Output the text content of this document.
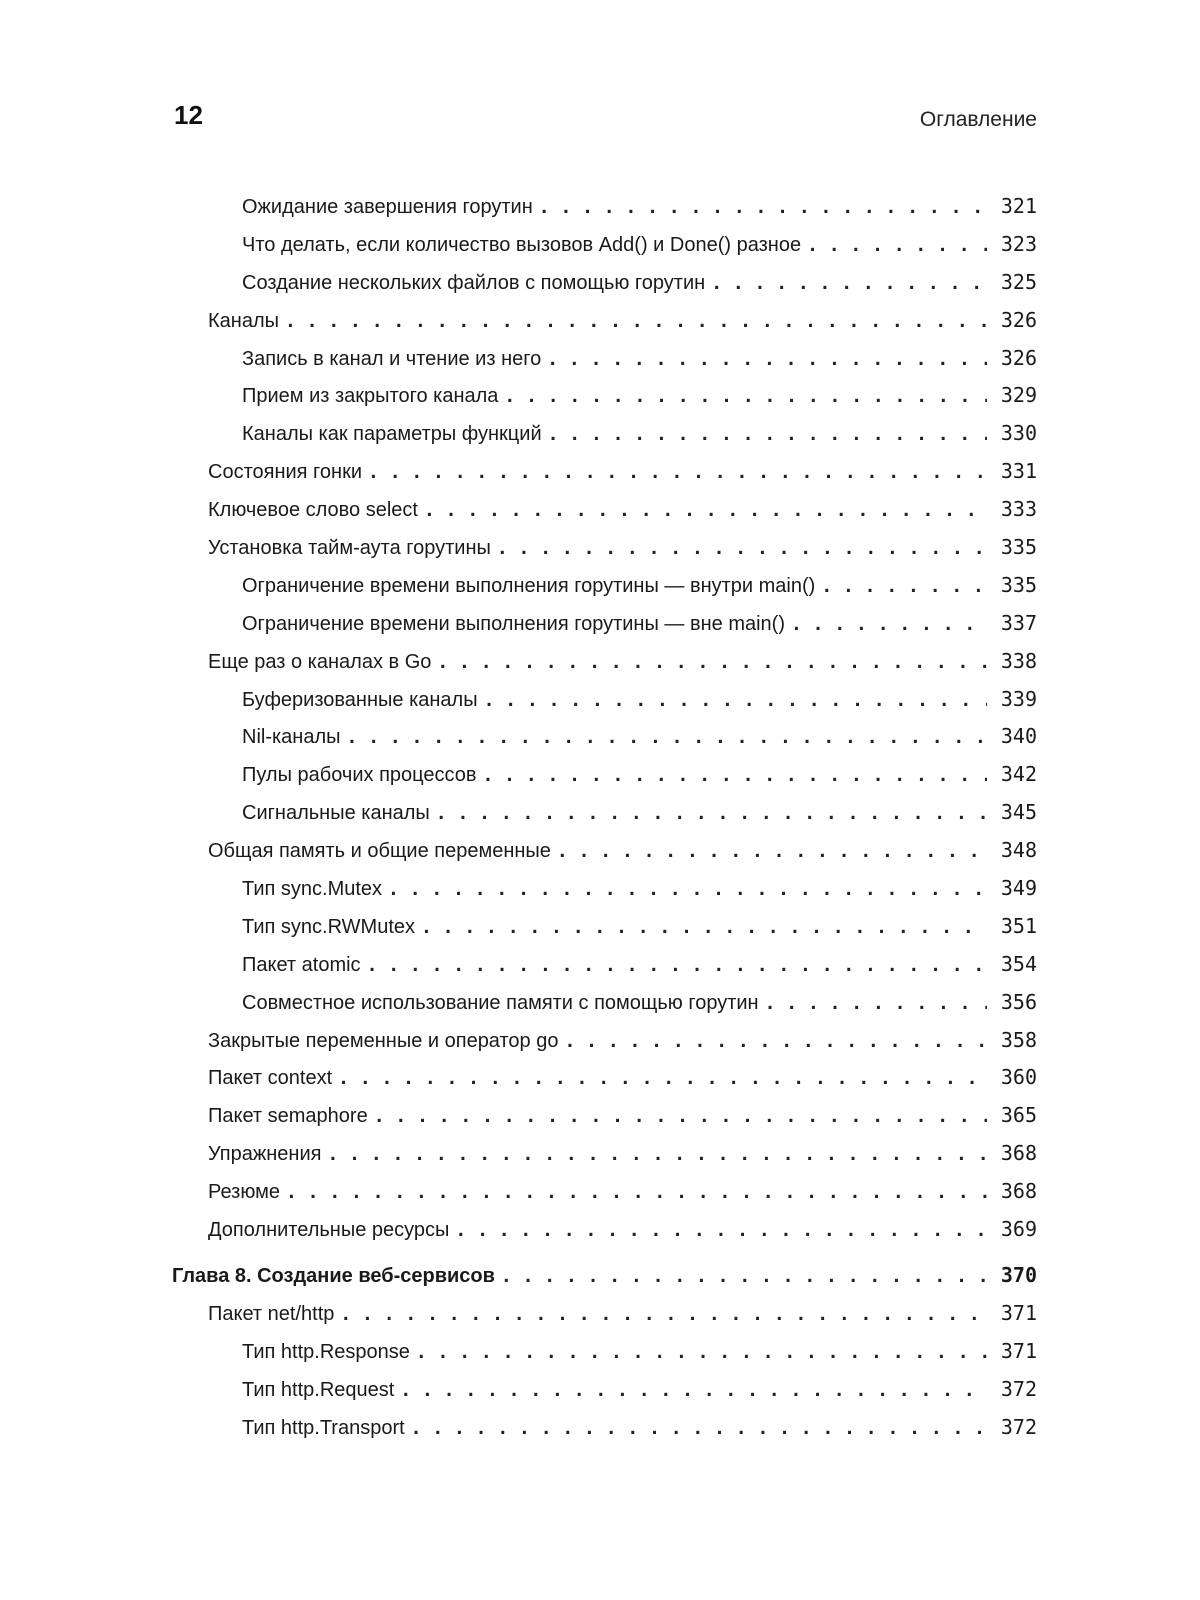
12	Оглавление
Ожидание завершения горутин . . .	321
Что делать, если количество вызовов Add() и Done() разное . . .	323
Создание нескольких файлов с помощью горутин . . .	325
Каналы . . .	326
Запись в канал и чтение из него . . .	326
Прием из закрытого канала . . .	329
Каналы как параметры функций . . .	330
Состояния гонки . . .	331
Ключевое слово select . . .	333
Установка тайм-аута горутины . . .	335
Ограничение времени выполнения горутины — внутри main() . . .	335
Ограничение времени выполнения горутины — вне main() . . .	337
Еще раз о каналах в Go . . .	338
Буферизованные каналы . . .	339
Nil-каналы . . .	340
Пулы рабочих процессов . . .	342
Сигнальные каналы . . .	345
Общая память и общие переменные . . .	348
Тип sync.Mutex . . .	349
Тип sync.RWMutex . . .	351
Пакет atomic . . .	354
Совместное использование памяти с помощью горутин . . .	356
Закрытые переменные и оператор go . . .	358
Пакет context . . .	360
Пакет semaphore . . .	365
Упражнения . . .	368
Резюме . . .	368
Дополнительные ресурсы . . .	369
Глава 8. Создание веб-сервисов . . .	370
Пакет net/http . . .	371
Тип http.Response . . .	371
Тип http.Request . . .	372
Тип http.Transport . . .	372
